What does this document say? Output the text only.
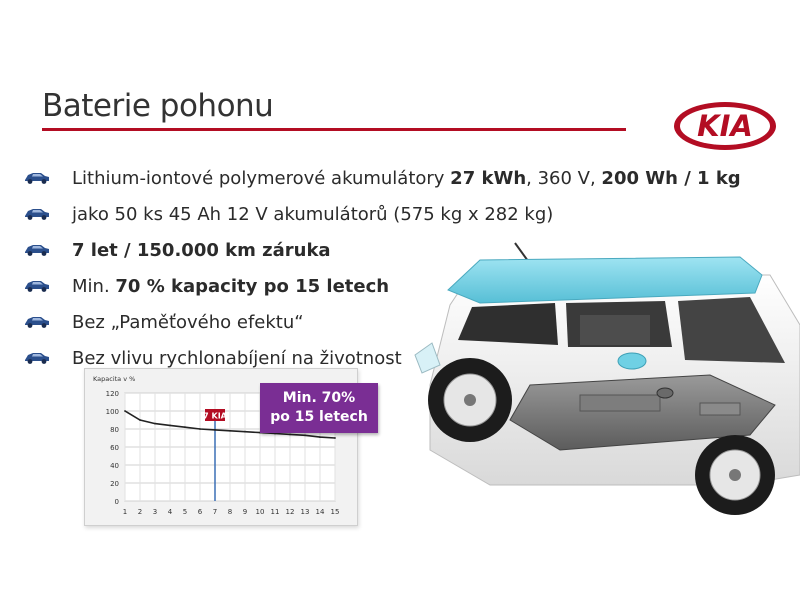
Baterie pohonu
KIA
Lithium-iontové polymerové akumulátory 27 kWh, 360 V, 200 Wh / 1 kg
jako 50 ks 45 Ah 12 V akumulátorů (575 kg x 282 kg)
7 let / 150.000 km záruka
Min. 70 % kapacity po 15 letech
Bez „Paměťového efektu“
Bez vlivu rychlonabíjení na životnost
0
20
40
60
80
100
120
1 2 3 4 5 6 7 8 9 10 11 12 13 14 15
Kapacita v %
7 KIA
Min. 70%
po 15 letech
